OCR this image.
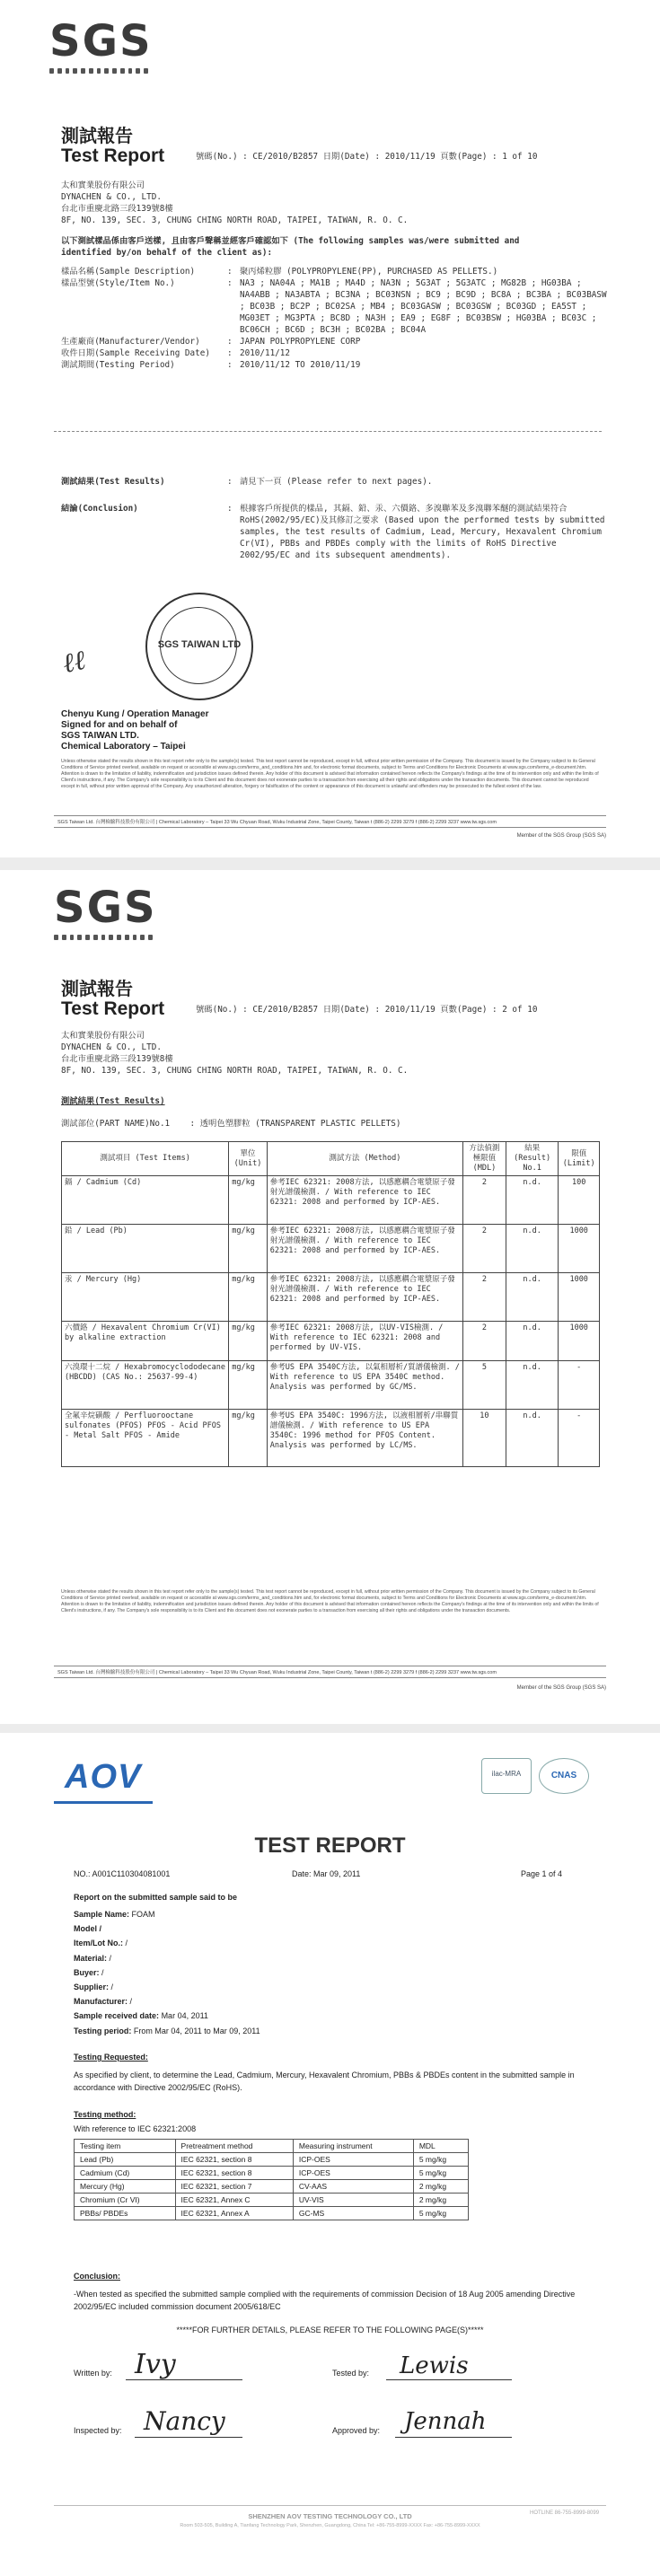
SGS
測試報告
Test Report	號碼(No.) : CE/2010/B2857 日期(Date) : 2010/11/19 頁數(Page) : 1 of 10
太和實業股份有限公司
DYNACHEN & CO., LTD.
台北市重慶北路三段139號8樓
8F, NO. 139, SEC. 3, CHUNG CHING NORTH ROAD, TAIPEI, TAIWAN, R. O. C.
以下測試樣品係由客戶送樣, 且由客戶聲稱並經客戶確認如下 (The following samples was/were submitted and
identified by/on behalf of the client as):
樣品名稱(Sample Description)	: 聚丙烯粒膠 (POLYPROPYLENE(PP), PURCHASED AS PELLETS.)
樣品型號(Style/Item No.)	: NA3 ; NA04A ; MA1B ; MA4D ; NA3N ; 5G3AT ; 5G3ATC ; MG82B ; HG03BA ; NA4ABB ; NA3ABTA ; BC3NA ; BC03NSN ; BC9 ; BC9D ; BC8A ; BC3BA ; BC03BASW ; BC03B ; BC2P ; BC02SA ; MB4 ; BC03GASW ; BC03GSW ; BC03GD ; EA5ST ; MG03ET ; MG3PTA ; BC8D ; NA3H ; EA9 ; EG8F ; BC03BSW ; HG03BA ; BC03C ; BC06CH ; BC6D ; BC3H ; BC02BA ; BC04A
生產廠商(Manufacturer/Vendor)	: JAPAN POLYPROPYLENE CORP
收件日期(Sample Receiving Date)	: 2010/11/12
測試期間(Testing Period)	: 2010/11/12 TO 2010/11/19
測試結果(Test Results)	: 請見下一頁 (Please refer to next pages).
結論(Conclusion)	: 根據客戶所提供的樣品, 其鎘、鉛、汞、六價鉻、多溴聯苯及多溴聯苯醚的測試結果符合RoHS(2002/95/EC)及其修訂之要求 (Based upon the performed tests by submitted samples, the test results of Cadmium, Lead, Mercury, Hexavalent Chromium Cr(VI), PBBs and PBDEs comply with the limits of RoHS Directive 2002/95/EC and its subsequent amendments).
SGS TAIWAN LTD
ℓℓ
Chenyu Kung / Operation Manager
Signed for and on behalf of
SGS TAIWAN LTD.
Chemical Laboratory – Taipei
Unless otherwise stated the results shown in this test report refer only to the sample(s) tested. This test report cannot be reproduced, except in full, without prior written permission of the Company. This document is issued by the Company subject to its General Conditions of Service printed overleaf, available on request or accessible at www.sgs.com/terms_and_conditions.htm and, for electronic format documents, subject to Terms and Conditions for Electronic Documents at www.sgs.com/terms_e-document.htm. Attention is drawn to the limitation of liability, indemnification and jurisdiction issues defined therein. Any holder of this document is advised that information contained hereon reflects the Company's findings at the time of its intervention only and within the limits of Client's instructions, if any. The Company's sole responsibility is to its Client and this document does not exonerate parties to a transaction from exercising all their rights and obligations under the transaction documents. This document cannot be reproduced except in full, without prior written approval of the Company. Any unauthorized alteration, forgery or falsification of the content or appearance of this document is unlawful and offenders may be prosecuted to the fullest extent of the law.
SGS Taiwan Ltd. 台灣檢驗科技股份有限公司 | Chemical Laboratory – Taipei 33 Wu Chyuan Road, Wuku Industrial Zone, Taipei County, Taiwan t (886-2) 2299 3279 f (886-2) 2299 3237 www.tw.sgs.com
Member of the SGS Group (SGS SA)
SGS
測試報告
Test Report	號碼(No.) : CE/2010/B2857 日期(Date) : 2010/11/19 頁數(Page) : 2 of 10
太和實業股份有限公司
DYNACHEN & CO., LTD.
台北市重慶北路三段139號8樓
8F, NO. 139, SEC. 3, CHUNG CHING NORTH ROAD, TAIPEI, TAIWAN, R. O. C.
測試結果(Test Results)
測試部位(PART NAME)No.1 : 透明色塑膠粒 (TRANSPARENT PLASTIC PELLETS)
測試項目 (Test Items)	單位 (Unit)	測試方法 (Method)	方法偵測極限值 (MDL)	結果 (Result) No.1	限值 (Limit)
鎘 / Cadmium (Cd)	mg/kg	參考IEC 62321: 2008方法, 以感應耦合電漿原子發射光譜儀檢測. / With reference to IEC 62321: 2008 and performed by ICP-AES.	2	n.d.	100
鉛 / Lead (Pb)	mg/kg	參考IEC 62321: 2008方法, 以感應耦合電漿原子發射光譜儀檢測. / With reference to IEC 62321: 2008 and performed by ICP-AES.	2	n.d.	1000
汞 / Mercury (Hg)	mg/kg	參考IEC 62321: 2008方法, 以感應耦合電漿原子發射光譜儀檢測. / With reference to IEC 62321: 2008 and performed by ICP-AES.	2	n.d.	1000
六價鉻 / Hexavalent Chromium Cr(VI) by alkaline extraction	mg/kg	參考IEC 62321: 2008方法, 以UV-VIS檢測. / With reference to IEC 62321: 2008 and performed by UV-VIS.	2	n.d.	1000
六溴環十二烷 / Hexabromocyclododecane (HBCDD) (CAS No.: 25637-99-4)	mg/kg	參考US EPA 3540C方法, 以氣相層析/質譜儀檢測. / With reference to US EPA 3540C method. Analysis was performed by GC/MS.	5	n.d.	-
全氟辛烷磺酸 / Perfluorooctane sulfonates (PFOS) PFOS - Acid PFOS - Metal Salt PFOS - Amide	mg/kg	參考US EPA 3540C: 1996方法, 以液相層析/串聯質譜儀檢測. / With reference to US EPA 3540C: 1996 method for PFOS Content. Analysis was performed by LC/MS.	10	n.d.	-
Unless otherwise stated the results shown in this test report refer only to the sample(s) tested. This test report cannot be reproduced, except in full, without prior written permission of the Company. This document is issued by the Company subject to its General Conditions of Service printed overleaf, available on request or accessible at www.sgs.com/terms_and_conditions.htm and, for electronic format documents, subject to Terms and Conditions for Electronic Documents at www.sgs.com/terms_e-document.htm. Attention is drawn to the limitation of liability, indemnification and jurisdiction issues defined therein. Any holder of this document is advised that information contained hereon reflects the Company's findings at the time of its intervention only and within the limits of Client's instructions, if any. The Company's sole responsibility is to its Client and this document does not exonerate parties to a transaction from exercising all their rights and obligations under the transaction documents.
SGS Taiwan Ltd. 台灣檢驗科技股份有限公司 | Chemical Laboratory – Taipei 33 Wu Chyuan Road, Wuku Industrial Zone, Taipei County, Taiwan t (886-2) 2299 3279 f (886-2) 2299 3237 www.tw.sgs.com
Member of the SGS Group (SGS SA)
AOV	ilac-MRA	CNAS
TEST REPORT
NO.: A001C110304081001	Date: Mar 09, 2011	Page 1 of 4
Report on the submitted sample said to be
Sample Name: FOAM
Model /
Item/Lot No.: /
Material: /
Buyer: /
Supplier: /
Manufacturer: /
Sample received date: Mar 04, 2011
Testing period: From Mar 04, 2011 to Mar 09, 2011
Testing Requested:
As specified by client, to determine the Lead, Cadmium, Mercury, Hexavalent Chromium, PBBs & PBDEs content in the submitted sample in accordance with Directive 2002/95/EC (RoHS).
Testing method:
With reference to IEC 62321:2008
Testing item	Pretreatment method	Measuring instrument	MDL
Lead (Pb)	IEC 62321, section 8	ICP-OES	5 mg/kg
Cadmium (Cd)	IEC 62321, section 8	ICP-OES	5 mg/kg
Mercury (Hg)	IEC 62321, section 7	CV-AAS	2 mg/kg
Chromium (Cr VI)	IEC 62321, Annex C	UV-VIS	2 mg/kg
PBBs/ PBDEs	IEC 62321, Annex A	GC-MS	5 mg/kg
Conclusion:
-When tested as specified the submitted sample complied with the requirements of commission Decision of 18 Aug 2005 amending Directive 2002/95/EC included commission document 2005/618/EC
*****FOR FURTHER DETAILS, PLEASE REFER TO THE FOLLOWING PAGE(S)*****
Written by: Ivy	Tested by: Lewis
Inspected by: Nancy	Approved by: Jennah
SHENZHEN AOV TESTING TECHNOLOGY CO., LTD
Room 503-505, Building A, Tianfang Technology Park, Shenzhen, Guangdong, China Tel: +86-755-8999-XXXX Fax: +86-755-8999-XXXX
HOTLINE 86-755-8999-8099
